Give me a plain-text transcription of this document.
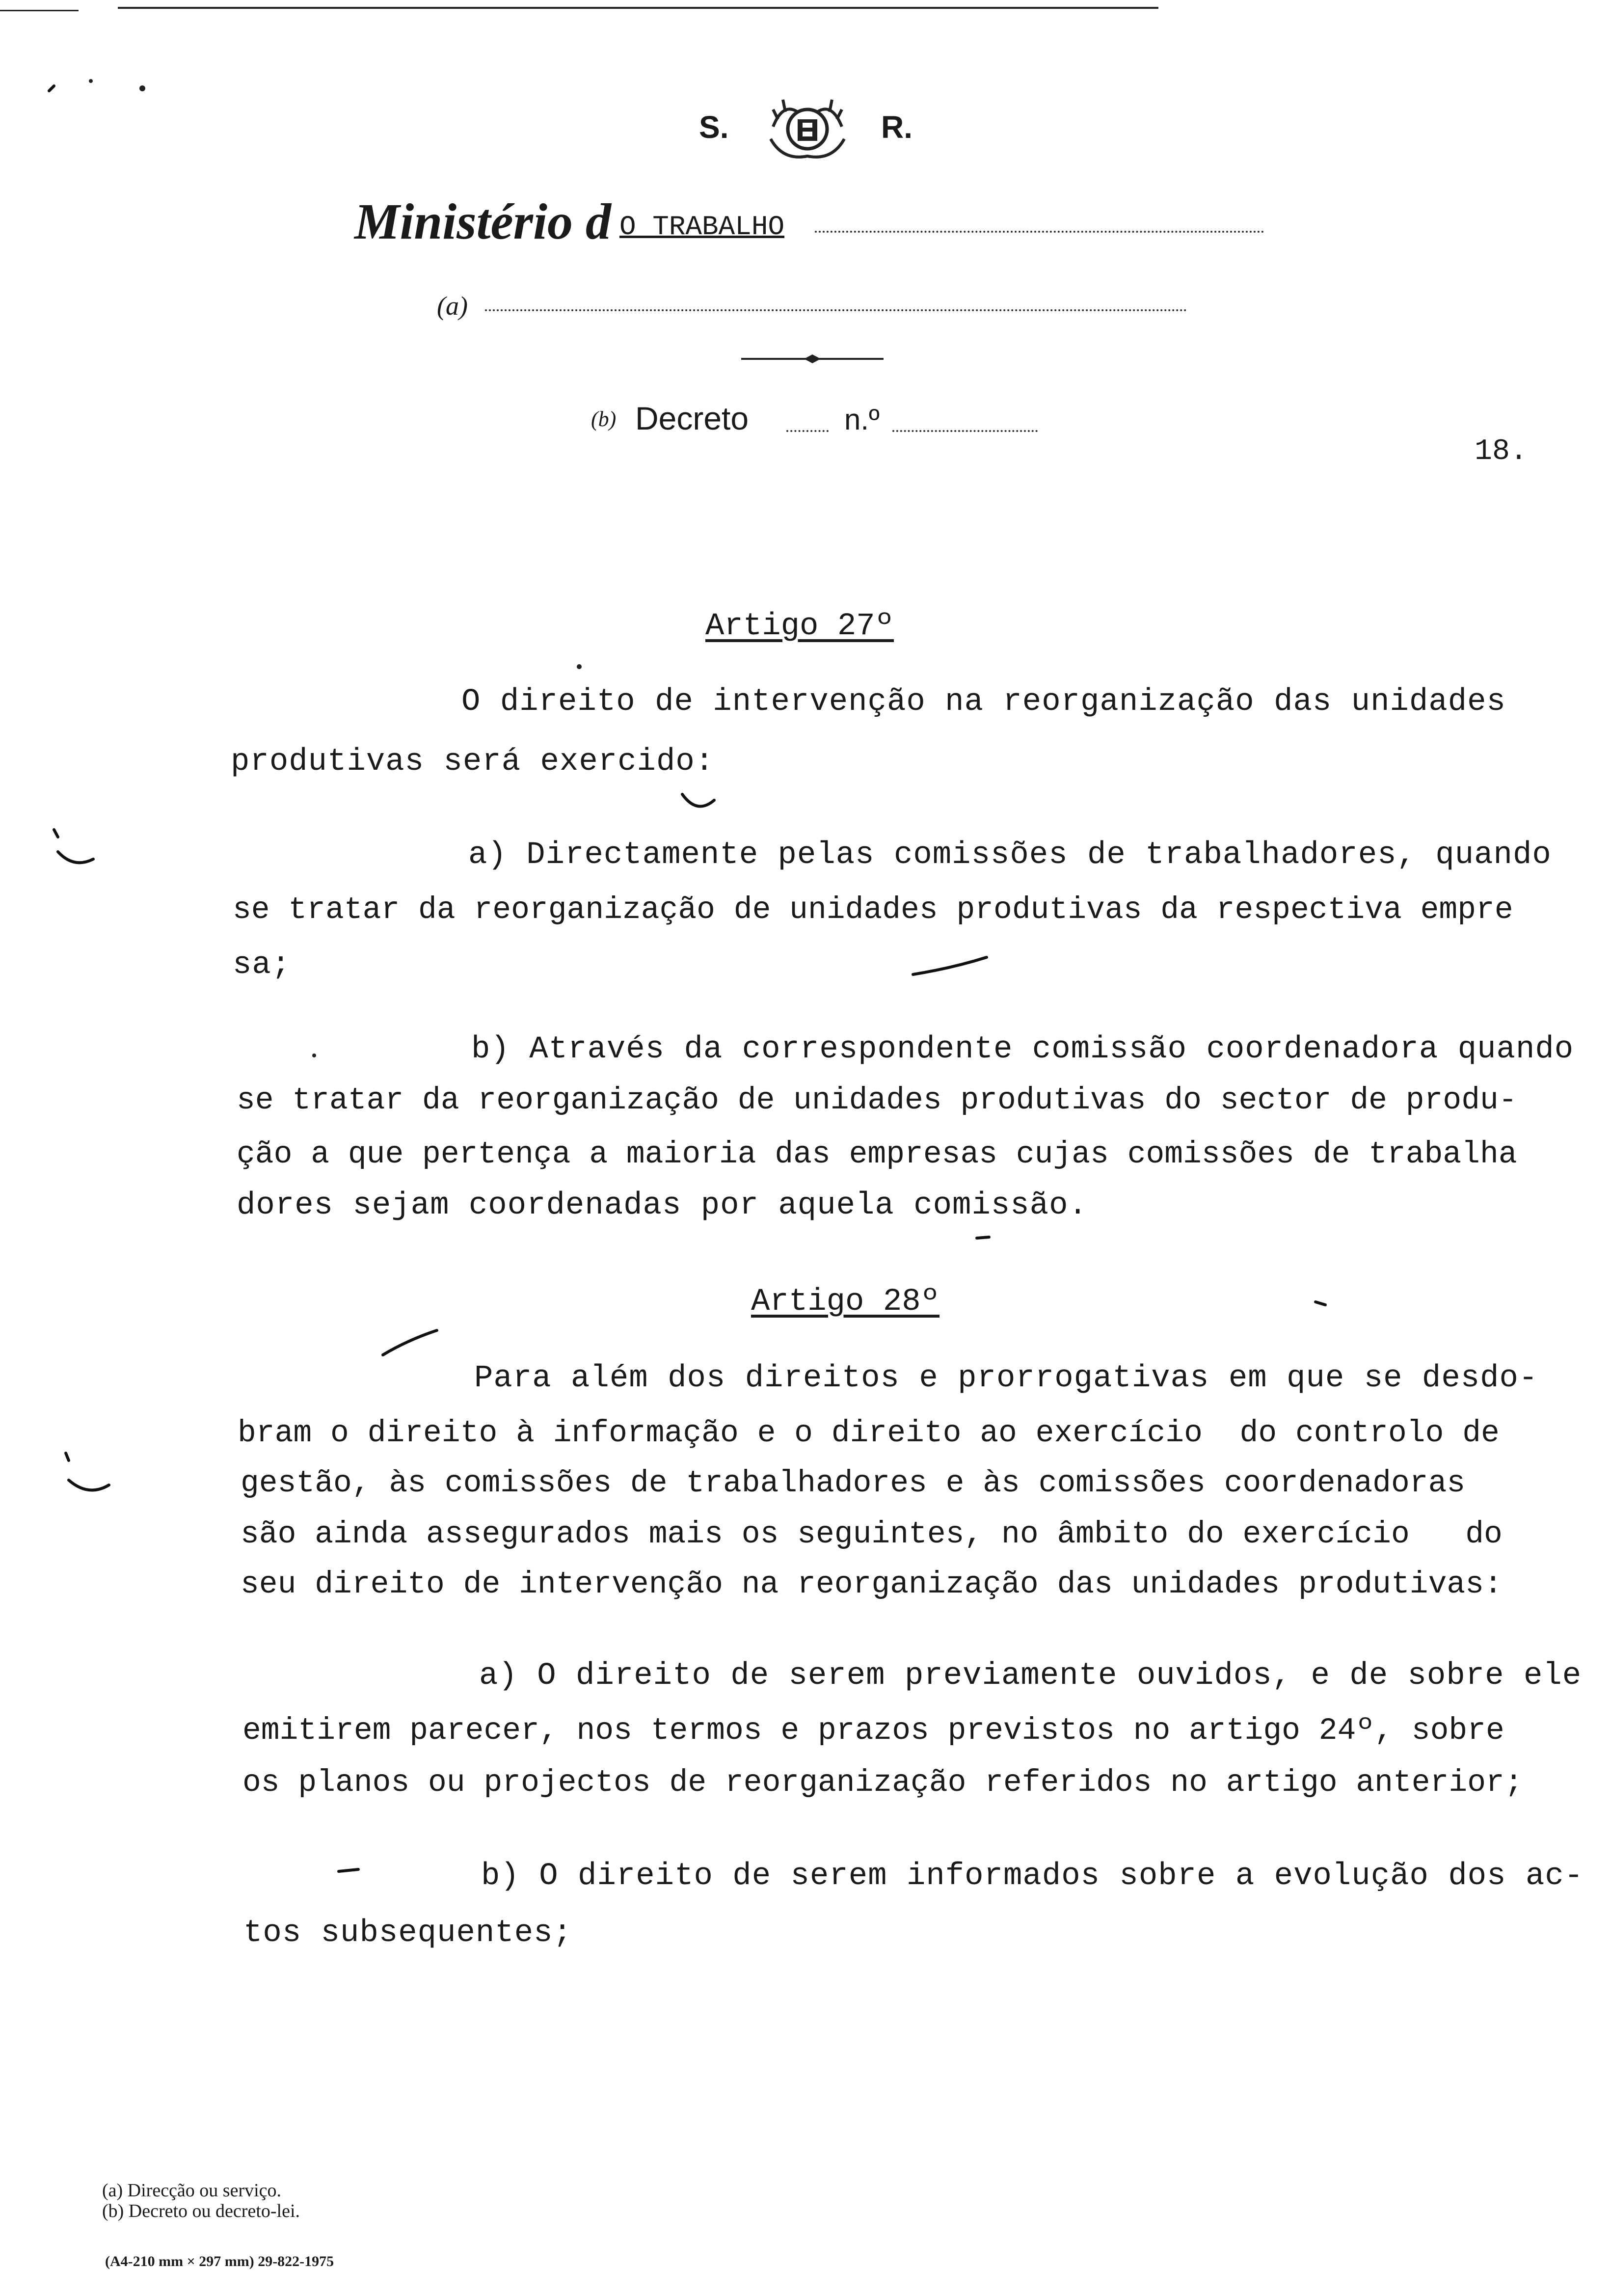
S.	R.
Ministério d O TRABALHO
(a)
(b) Decreto	n.º
18.
Artigo 27º
O direito de intervenção na reorganização das unidades
produtivas será exercido:
a) Directamente pelas comissões de trabalhadores, quando
se tratar da reorganização de unidades produtivas da respectiva empre
sa;
b) Através da correspondente comissão coordenadora quando
se tratar da reorganização de unidades produtivas do sector de produ-
ção a que pertença a maioria das empresas cujas comissões de trabalha
dores sejam coordenadas por aquela comissão.
Artigo 28º
Para além dos direitos e prorrogativas em que se desdo-
bram o direito à informação e o direito ao exercício  do controlo de
gestão, às comissões de trabalhadores e às comissões coordenadoras
são ainda assegurados mais os seguintes, no âmbito do exercício   do
seu direito de intervenção na reorganização das unidades produtivas:
a) O direito de serem previamente ouvidos, e de sobre ele
emitirem parecer, nos termos e prazos previstos no artigo 24º, sobre
os planos ou projectos de reorganização referidos no artigo anterior;
b) O direito de serem informados sobre a evolução dos ac-
tos subsequentes;
(a) Direcção ou serviço.
(b) Decreto ou decreto-lei.
(A4-210 mm × 297 mm) 29-822-1975
